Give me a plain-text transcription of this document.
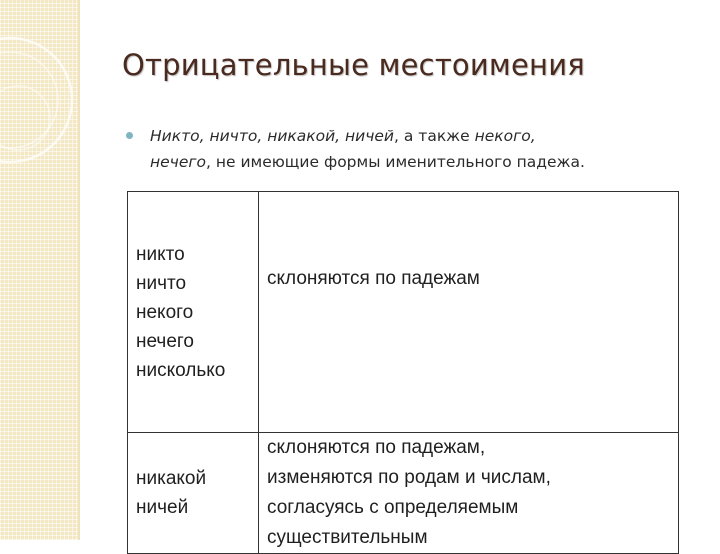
Отрицательные местоимения
Никто, ничто, никакой, ничей, а также некого,
нечего, не имеющие формы именительного падежа.
никто
ничто
некого
нечего
нисколько	склоняются по падежам

никакой
ничей	склоняются по падежам,
изменяются по родам и числам,
согласуясь с определяемым
существительным
